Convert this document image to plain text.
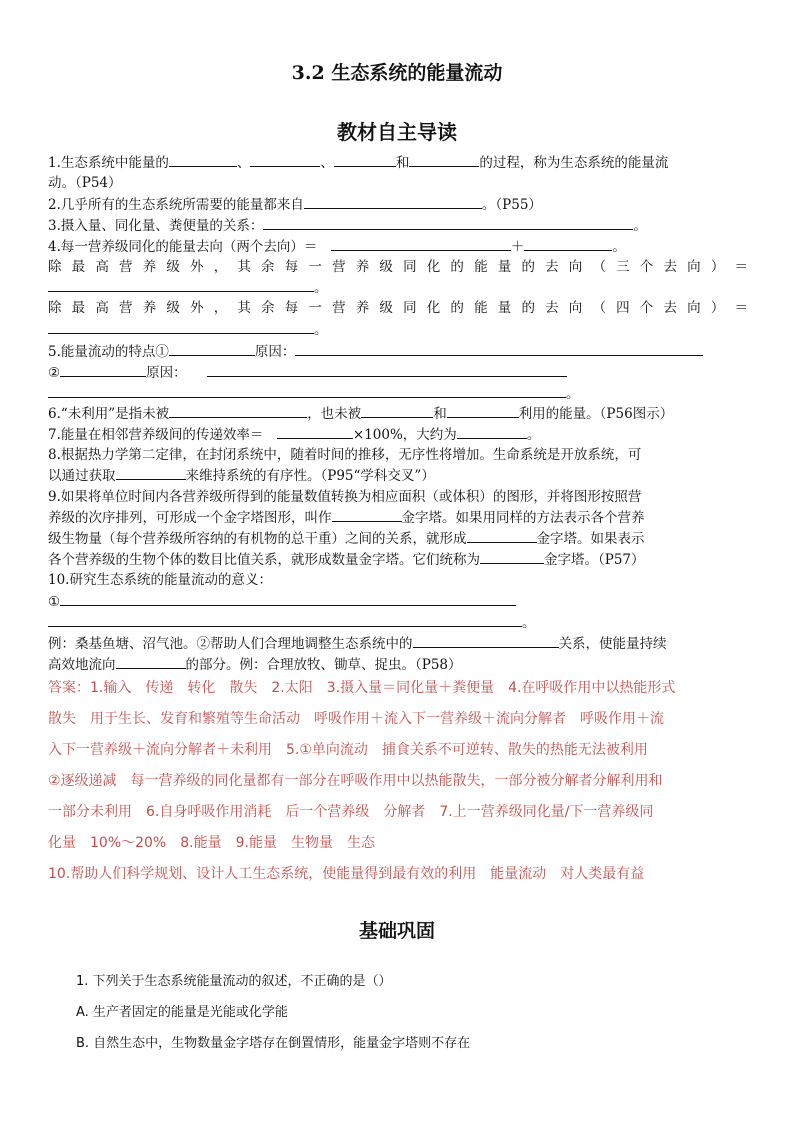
3.2 生态系统的能量流动
教材自主导读
1.生态系统中能量的	、	、	和	的过程，称为生态系统的能量流
动。（P54）
2.几乎所有的生态系统所需要的能量都来自	。（P55）
3.摄入量、同化量、粪便量的关系：	。
4.每一营养级同化的能量去向（两个去向）＝　	＋	。
除最高营养级外，其余每一营养级同化的能量的去向（三个去向）＝
。
除最高营养级外，其余每一营养级同化的能量的去向（四个去向）＝
。
5.能量流动的特点①	原因：
②	原因：　　
。
6.“未利用”是指未被	，也未被	和	利用的能量。（P56图示）
7.能量在相邻营养级间的传递效率＝　	×100%，大约为	。
8.根据热力学第二定律，在封闭系统中，随着时间的推移，无序性将增加。生命系统是开放系统，可
以通过获取	来维持系统的有序性。（P95“学科交叉”）
9.如果将单位时间内各营养级所得到的能量数值转换为相应面积（或体积）的图形，并将图形按照营
养级的次序排列，可形成一个金字塔图形，叫作	金字塔。如果用同样的方法表示各个营养
级生物量（每个营养级所容纳的有机物的总干重）之间的关系，就形成	金字塔。如果表示
各个营养级的生物个体的数目比值关系，就形成数量金字塔。它们统称为	金字塔。（P57）
10.研究生态系统的能量流动的意义：
①
。
例：桑基鱼塘、沼气池。②帮助人们合理地调整生态系统中的	关系，使能量持续
高效地流向	的部分。例：合理放牧、锄草、捉虫。（P58）
答案：1.输入　传递　转化　散失　2.太阳　3.摄入量＝同化量＋粪便量　4.在呼吸作用中以热能形式
散失　用于生长、发育和繁殖等生命活动　呼吸作用＋流入下一营养级＋流向分解者　呼吸作用＋流
入下一营养级＋流向分解者＋未利用　5.①单向流动　捕食关系不可逆转、散失的热能无法被利用
②逐级递减　每一营养级的同化量都有一部分在呼吸作用中以热能散失，一部分被分解者分解利用和
一部分未利用　6.自身呼吸作用消耗　后一个营养级　分解者　7.上一营养级同化量/下一营养级同
化量　10%～20%　8.能量　9.能量　生物量　生态
10.帮助人们科学规划、设计人工生态系统，使能量得到最有效的利用　能量流动　对人类最有益
基础巩固
1. 下列关于生态系统能量流动的叙述，不正确的是（）
A. 生产者固定的能量是光能或化学能
B. 自然生态中，生物数量金字塔存在倒置情形，能量金字塔则不存在
